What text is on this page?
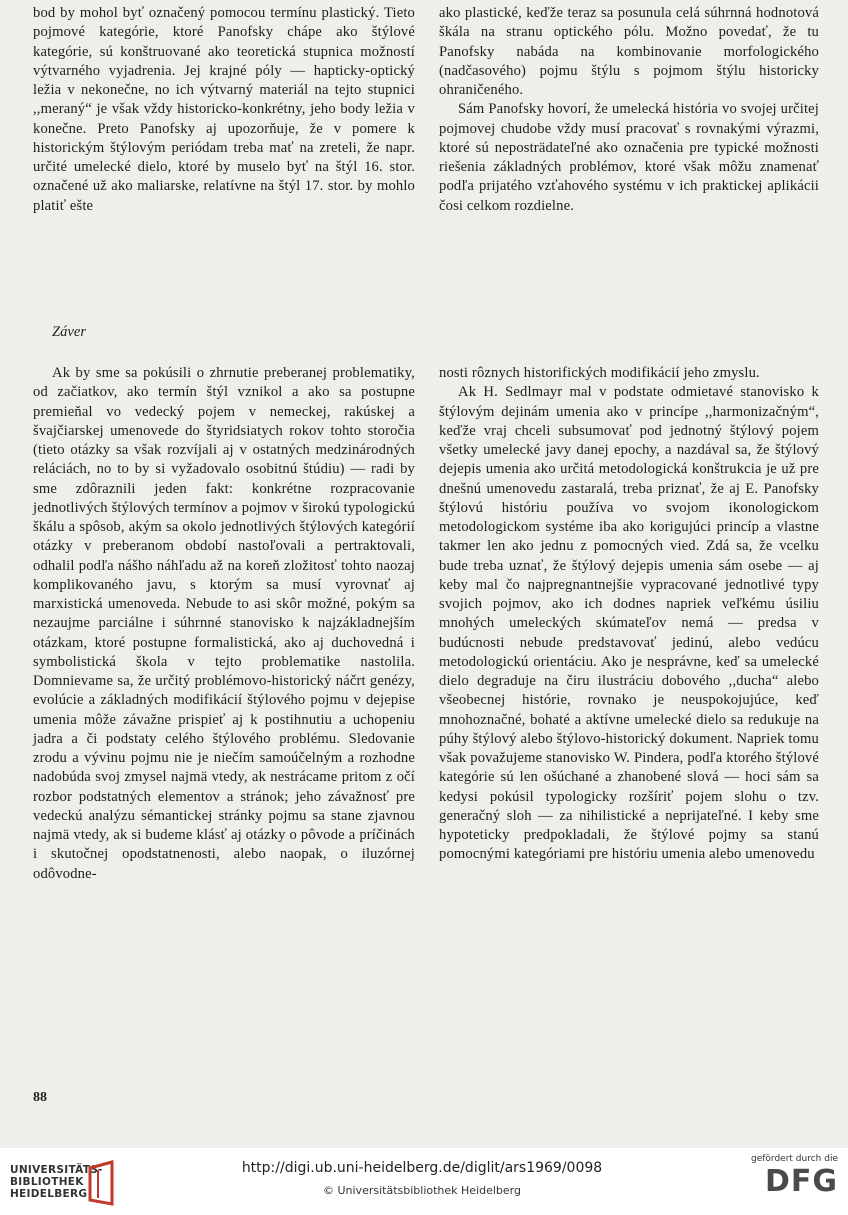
bod by mohol byť označený pomocou termínu plastický. Tieto pojmové kategórie, ktoré Panofsky chápe ako štýlové kategórie, sú konštruované ako teoretická stupnica možností výtvarného vyjadrenia. Jej krajné póly — hapticky-optický ležia v nekonečne, no ich výtvarný materiál na tejto stupnici ,,meraný“ je však vždy historicko-konkrétny, jeho body ležia v konečne. Preto Panofsky aj upozorňuje, že v pomere k historickým štýlovým periódam treba mať na zreteli, že napr. určité umelecké dielo, ktoré by muselo byť na štýl 16. stor. označené už ako maliarske, relatívne na štýl 17. stor. by mohlo platiť ešte

ako plastické, keďže teraz sa posunula celá súhrnná hodnotová škála na stranu optického pólu. Možno povedať, že tu Panofsky nabáda na kombinovanie morfologického (nadčasového) pojmu štýlu s pojmom štýlu historicky ohraničeného.

Sám Panofsky hovorí, že umelecká história vo svojej určitej pojmovej chudobe vždy musí pracovať s rovnakými výrazmi, ktoré sú neposträdateľné ako označenia pre typické možnosti riešenia základných problémov, ktoré však môžu znamenať podľa prijatého vzťahového systému v ich praktickej aplikácii čosi celkom rozdielne.

Záver

Ak by sme sa pokúsili o zhrnutie preberanej problematiky, od začiatkov, ako termín štýl vznikol a ako sa postupne premieňal vo vedecký pojem v nemeckej, rakúskej a švajčiarskej umenovede do štyridsiatych rokov tohto storočia (tieto otázky sa však rozvíjali aj v ostatných medzinárodných reláciách, no to by si vyžadovalo osobitnú štúdiu) — radi by sme zdôraznili jeden fakt: konkrétne rozpracovanie jednotlivých štýlových termínov a pojmov v širokú typologickú škálu a spôsob, akým sa okolo jednotlivých štýlových kategórií otázky v preberanom období nastoľovali a pertraktovali, odhalil podľa nášho náhľadu až na koreň zložitosť tohto naozaj komplikovaného javu, s ktorým sa musí vyrovnať aj marxistická umenoveda. Nebude to asi skôr možné, pokým sa nezaujme parciálne i súhrnné stanovisko k najzákladnejším otázkam, ktoré postupne formalistická, ako aj duchovedná i symbolistická škola v tejto problematike nastolila. Domnievame sa, že určitý problémovo-historický náčrt genézy, evolúcie a základných modifikácií štýlového pojmu v dejepise umenia môže závažne prispieť aj k postihnutiu a uchopeniu jadra a či podstaty celého štýlového problému. Sledovanie zrodu a vývinu pojmu nie je niečím samoúčelným a rozhodne nadobúda svoj zmysel najmä vtedy, ak nestrácame pritom z očí rozbor podstatných elementov a stránok; jeho závažnosť pre vedeckú analýzu sémantickej stránky pojmu sa stane zjavnou najmä vtedy, ak si budeme klásť aj otázky o pôvode a príčinách i skutočnej opodstatnenosti, alebo naopak, o iluzórnej odôvodne-

nosti rôznych historifických modifikácií jeho zmyslu.

Ak H. Sedlmayr mal v podstate odmietavé stanovisko k štýlovým dejinám umenia ako v princípe ,,harmonizačným“, keďže vraj chceli subsumovať pod jednotný štýlový pojem všetky umelecké javy danej epochy, a nazdával sa, že štýlový dejepis umenia ako určitá metodologická konštrukcia je už pre dnešnú umenovedu zastaralá, treba priznať, že aj E. Panofsky štýlovú históriu používa vo svojom ikonologickom metodologickom systéme iba ako korigujúci princíp a vlastne takmer len ako jednu z pomocných vied. Zdá sa, že vcelku bude treba uznať, že štýlový dejepis umenia sám osebe — aj keby mal čo najpregnantnejšie vypracované jednotlivé typy svojich pojmov, ako ich dodnes napriek veľkému úsiliu mnohých umeleckých skúmateľov nemá — predsa v budúcnosti nebude predstavovať jedinú, alebo vedúcu metodologickú orientáciu. Ako je nesprávne, keď sa umelecké dielo degraduje na čiru ilustráciu dobového ,,ducha“ alebo všeobecnej histórie, rovnako je neuspokojujúce, keď mnohoznačné, bohaté a aktívne umelecké dielo sa redukuje na púhy štýlový alebo štýlovo-historický dokument. Napriek tomu však považujeme stanovisko W. Pindera, podľa ktorého štýlové kategórie sú len ošúchané a zhanobené slová — hoci sám sa kedysi pokúsil typologicky rozšíriť pojem slohu o tzv. generačný sloh — za nihilistické a neprijateľné. I keby sme hypoteticky predpokladali, že štýlové pojmy sa stanú pomocnými kategóriami pre históriu umenia alebo umenovedu

88
UNIVERSITÄTS-
BIBLIOTHEK
HEIDELBERG
http://digi.ub.uni-heidelberg.de/diglit/ars1969/0098
© Universitätsbibliothek Heidelberg
gefördert durch die
DFG
